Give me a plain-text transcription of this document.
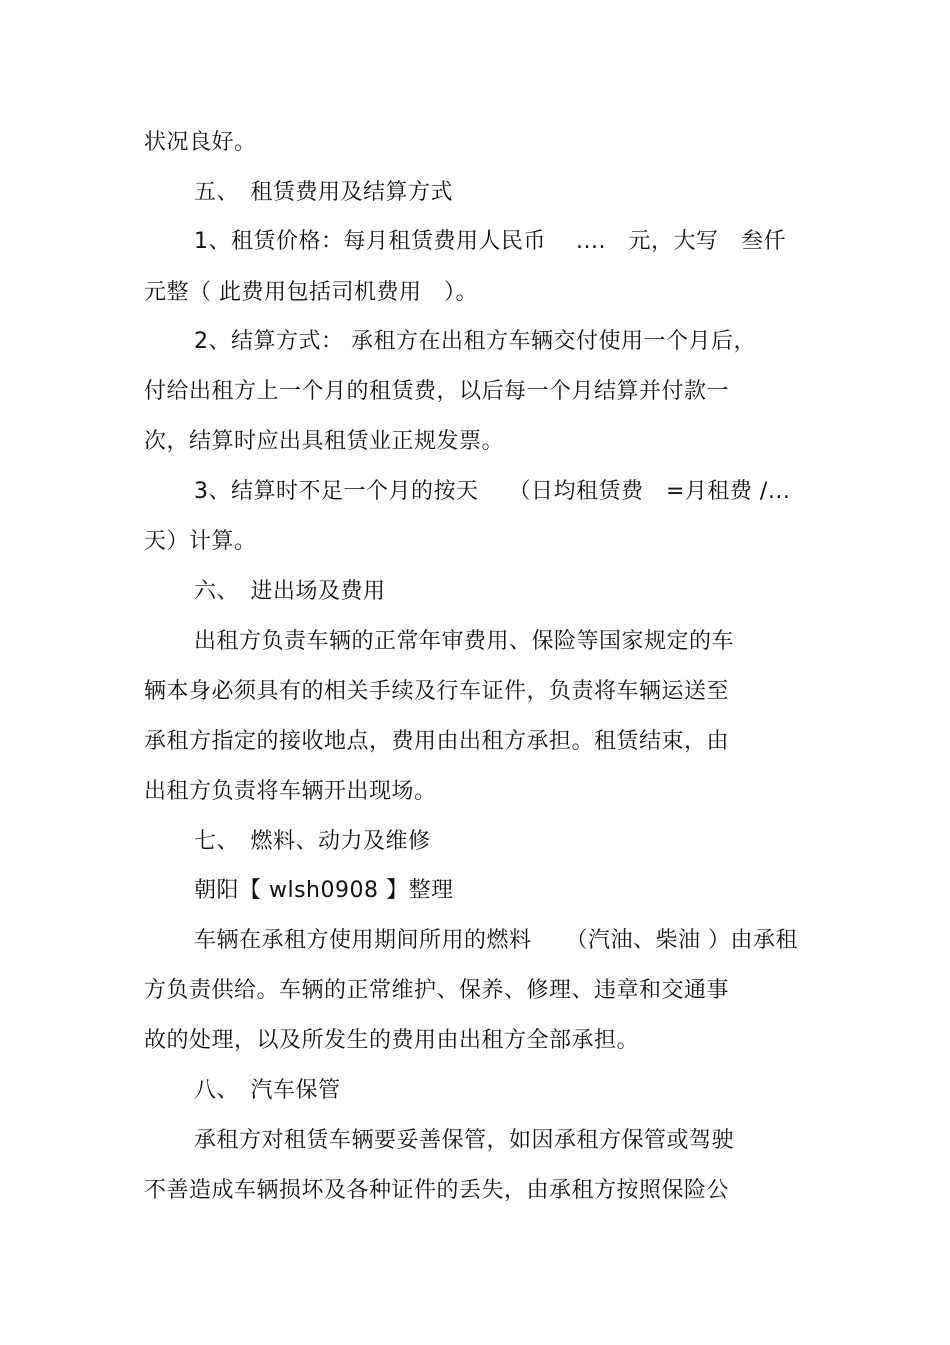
状况良好。
五、　租赁费用及结算方式
1、租赁价格：每月租赁费用人民币　 ....　元，大写　叁仟
元整（ 此费用包括司机费用　）。
2、结算方式： 承租方在出租方车辆交付使用一个月后，
付给出租方上一个月的租赁费，以后每一个月结算并付款一
次，结算时应出具租赁业正规发票。
3、结算时不足一个月的按天　 （日均租赁费　=月租费 /...
天）计算。
六、　进出场及费用
出租方负责车辆的正常年审费用、保险等国家规定的车
辆本身必须具有的相关手续及行车证件，负责将车辆运送至
承租方指定的接收地点，费用由出租方承担。租赁结束，由
出租方负责将车辆开出现场。
七、　燃料、动力及维修
朝阳【 wlsh0908 】整理
车辆在承租方使用期间所用的燃料　　（汽油、柴油 ）由承租
方负责供给。车辆的正常维护、保养、修理、违章和交通事
故的处理，以及所发生的费用由出租方全部承担。
八、　汽车保管
承租方对租赁车辆要妥善保管，如因承租方保管或驾驶
不善造成车辆损坏及各种证件的丢失，由承租方按照保险公
